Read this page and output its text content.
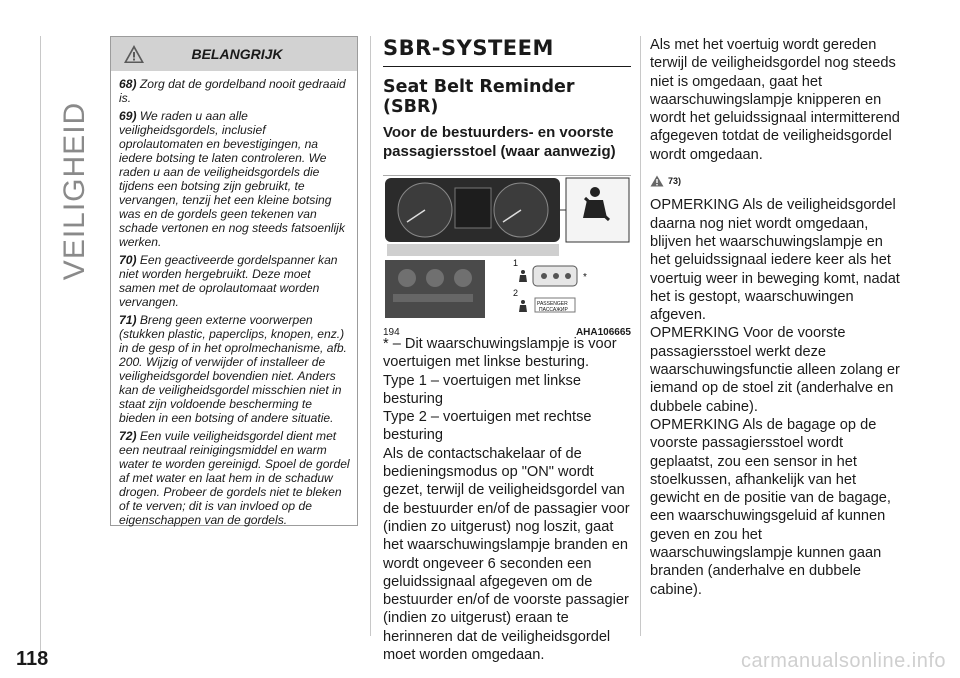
VEILIGHEID
BELANGRIJK

68) Zorg dat de gordelband nooit gedraaid is.

69) We raden u aan alle veiligheidsgordels, inclusief oprolautomaten en bevestigingen, na iedere botsing te laten controleren. We raden u aan de veiligheidsgordels die tijdens een botsing zijn gebruikt, te vervangen, tenzij het een kleine botsing was en de gordels geen tekenen van schade vertonen en nog steeds fatsoenlijk werken.

70) Een geactiveerde gordelspanner kan niet worden hergebruikt. Deze moet samen met de oprolautomaat worden vervangen.

71) Breng geen externe voorwerpen (stukken plastic, paperclips, knopen, enz.) in de gesp of in het oprolmechanisme, afb. 200. Wijzig of verwijder of installeer de veiligheidsgordel bovendien niet. Anders kan de veiligheidsgordel misschien niet in staat zijn voldoende bescherming te bieden in een botsing of andere situatie.

72) Een vuile veiligheidsgordel dient met een neutraal reinigingsmiddel en warm water te worden gereinigd. Spoel de gordel af met water en laat hem in de schaduw drogen. Probeer de gordels niet te bleken of te verven; dit is van invloed op de eigenschappen van de gordels.

SBR-SYSTEEM
Seat Belt Reminder (SBR)
Voor de bestuurders- en voorste passagiersstoel (waar aanwezig)
1
2
*
PASSENGER
ПАССАЖИР
194	AHA106665

* – Dit waarschuwingslampje is voor voertuigen met linkse besturing.

Type 1 – voertuigen met linkse besturing

Type 2 – voertuigen met rechtse besturing

Als de contactschakelaar of de bedieningsmodus op "ON" wordt gezet, terwijl de veiligheidsgordel van de bestuurder en/of de passagier voor (indien zo uitgerust) nog loszit, gaat het waarschuwingslampje branden en wordt ongeveer 6 seconden een geluidssignaal afgegeven om de bestuurder en/of de voorste passagier (indien zo uitgerust) eraan te herinneren dat de veiligheidsgordel moet worden omgedaan.

Als met het voertuig wordt gereden terwijl de veiligheidsgordel nog steeds niet is omgedaan, gaat het waarschuwingslampje knipperen en wordt het geluidssignaal intermitterend afgegeven totdat de veiligheidsgordel wordt omgedaan.

73)

OPMERKING Als de veiligheidsgordel daarna nog niet wordt omgedaan, blijven het waarschuwingslampje en het geluidssignaal iedere keer als het voertuig weer in beweging komt, nadat het is gestopt, waarschuwingen afgeven.

OPMERKING Voor de voorste passagiersstoel werkt deze waarschuwingsfunctie alleen zolang er iemand op de stoel zit (anderhalve en dubbele cabine).

OPMERKING Als de bagage op de voorste passagiersstoel wordt geplaatst, zou een sensor in het stoelkussen, afhankelijk van het gewicht en de positie van de bagage, een waarschuwingsgeluid af kunnen geven en zou het waarschuwingslampje kunnen gaan branden (anderhalve en dubbele cabine).

118	carmanualsonline.info
